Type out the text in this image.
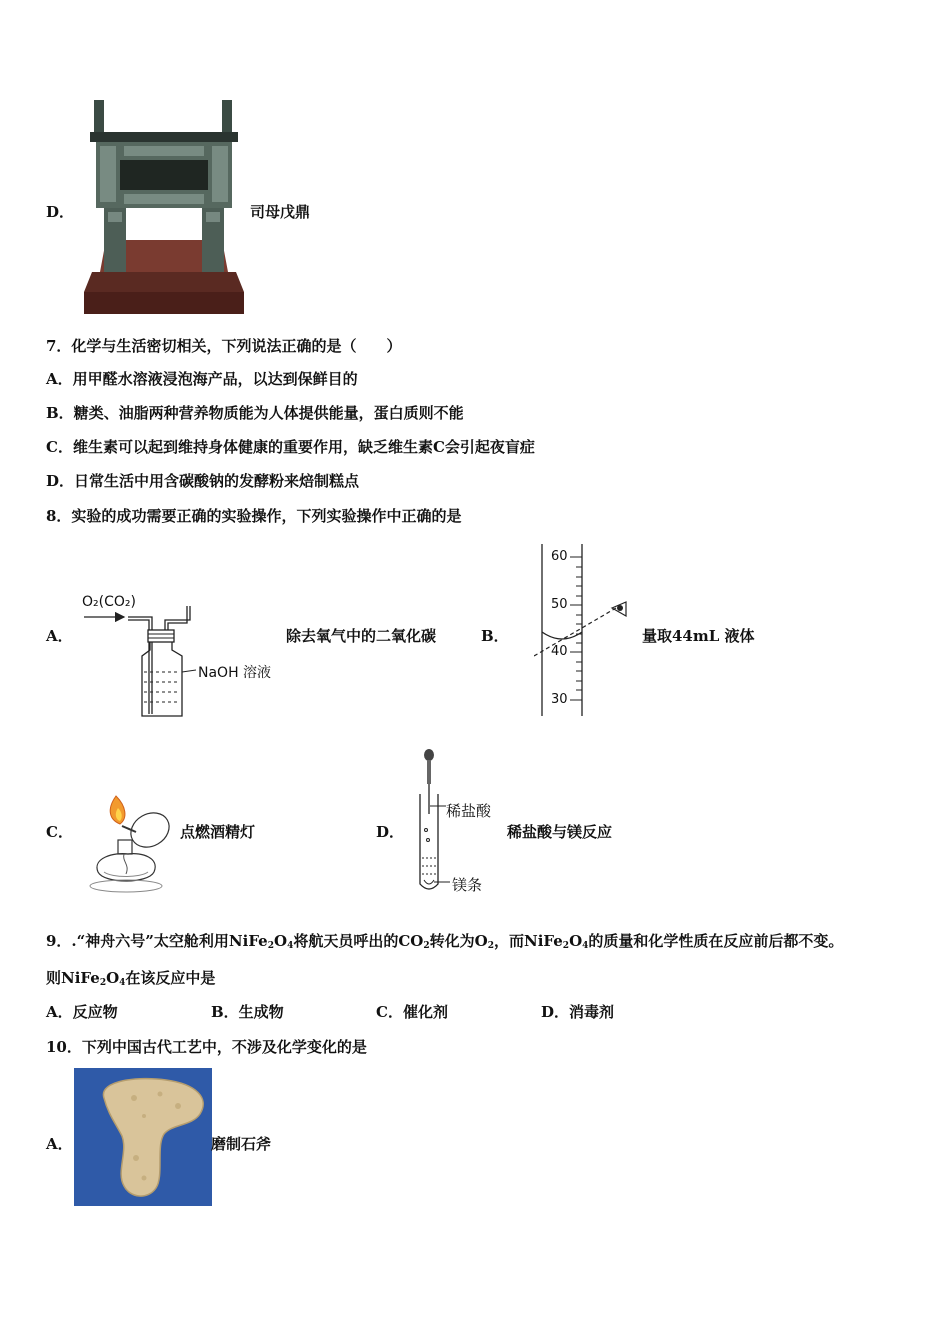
D．	司母戊鼎
7．化学与生活密切相关，下列说法正确的是（　　）
A．用甲醛水溶液浸泡海产品，以达到保鲜目的
B．糖类、油脂两种营养物质能为人体提供能量，蛋白质则不能
C．维生素可以起到维持身体健康的重要作用，缺乏维生素C会引起夜盲症
D．日常生活中用含碳酸钠的发酵粉来焙制糕点
8．实验的成功需要正确的实验操作，下列实验操作中正确的是
A．
O₂(CO₂)
NaOH 溶液
除去氧气中的二氧化碳	B．
60
50
40
30
量取44mL 液体
C．	点燃酒精灯	D．
稀盐酸
镁条
稀盐酸与镁反应
9．.“神舟六号”太空舱利用$NiFe_2O_4$将航天员呼出的$CO_2$转化为$O_2$，而$NiFe_2O_4$的质量和化学性质在反应前后都不变。
则$NiFe_2O_4$在该反应中是
A．反应物	B．生成物	C．催化剂	D．消毒剂
10．下列中国古代工艺中，不涉及化学变化的是
A．	磨制石斧
